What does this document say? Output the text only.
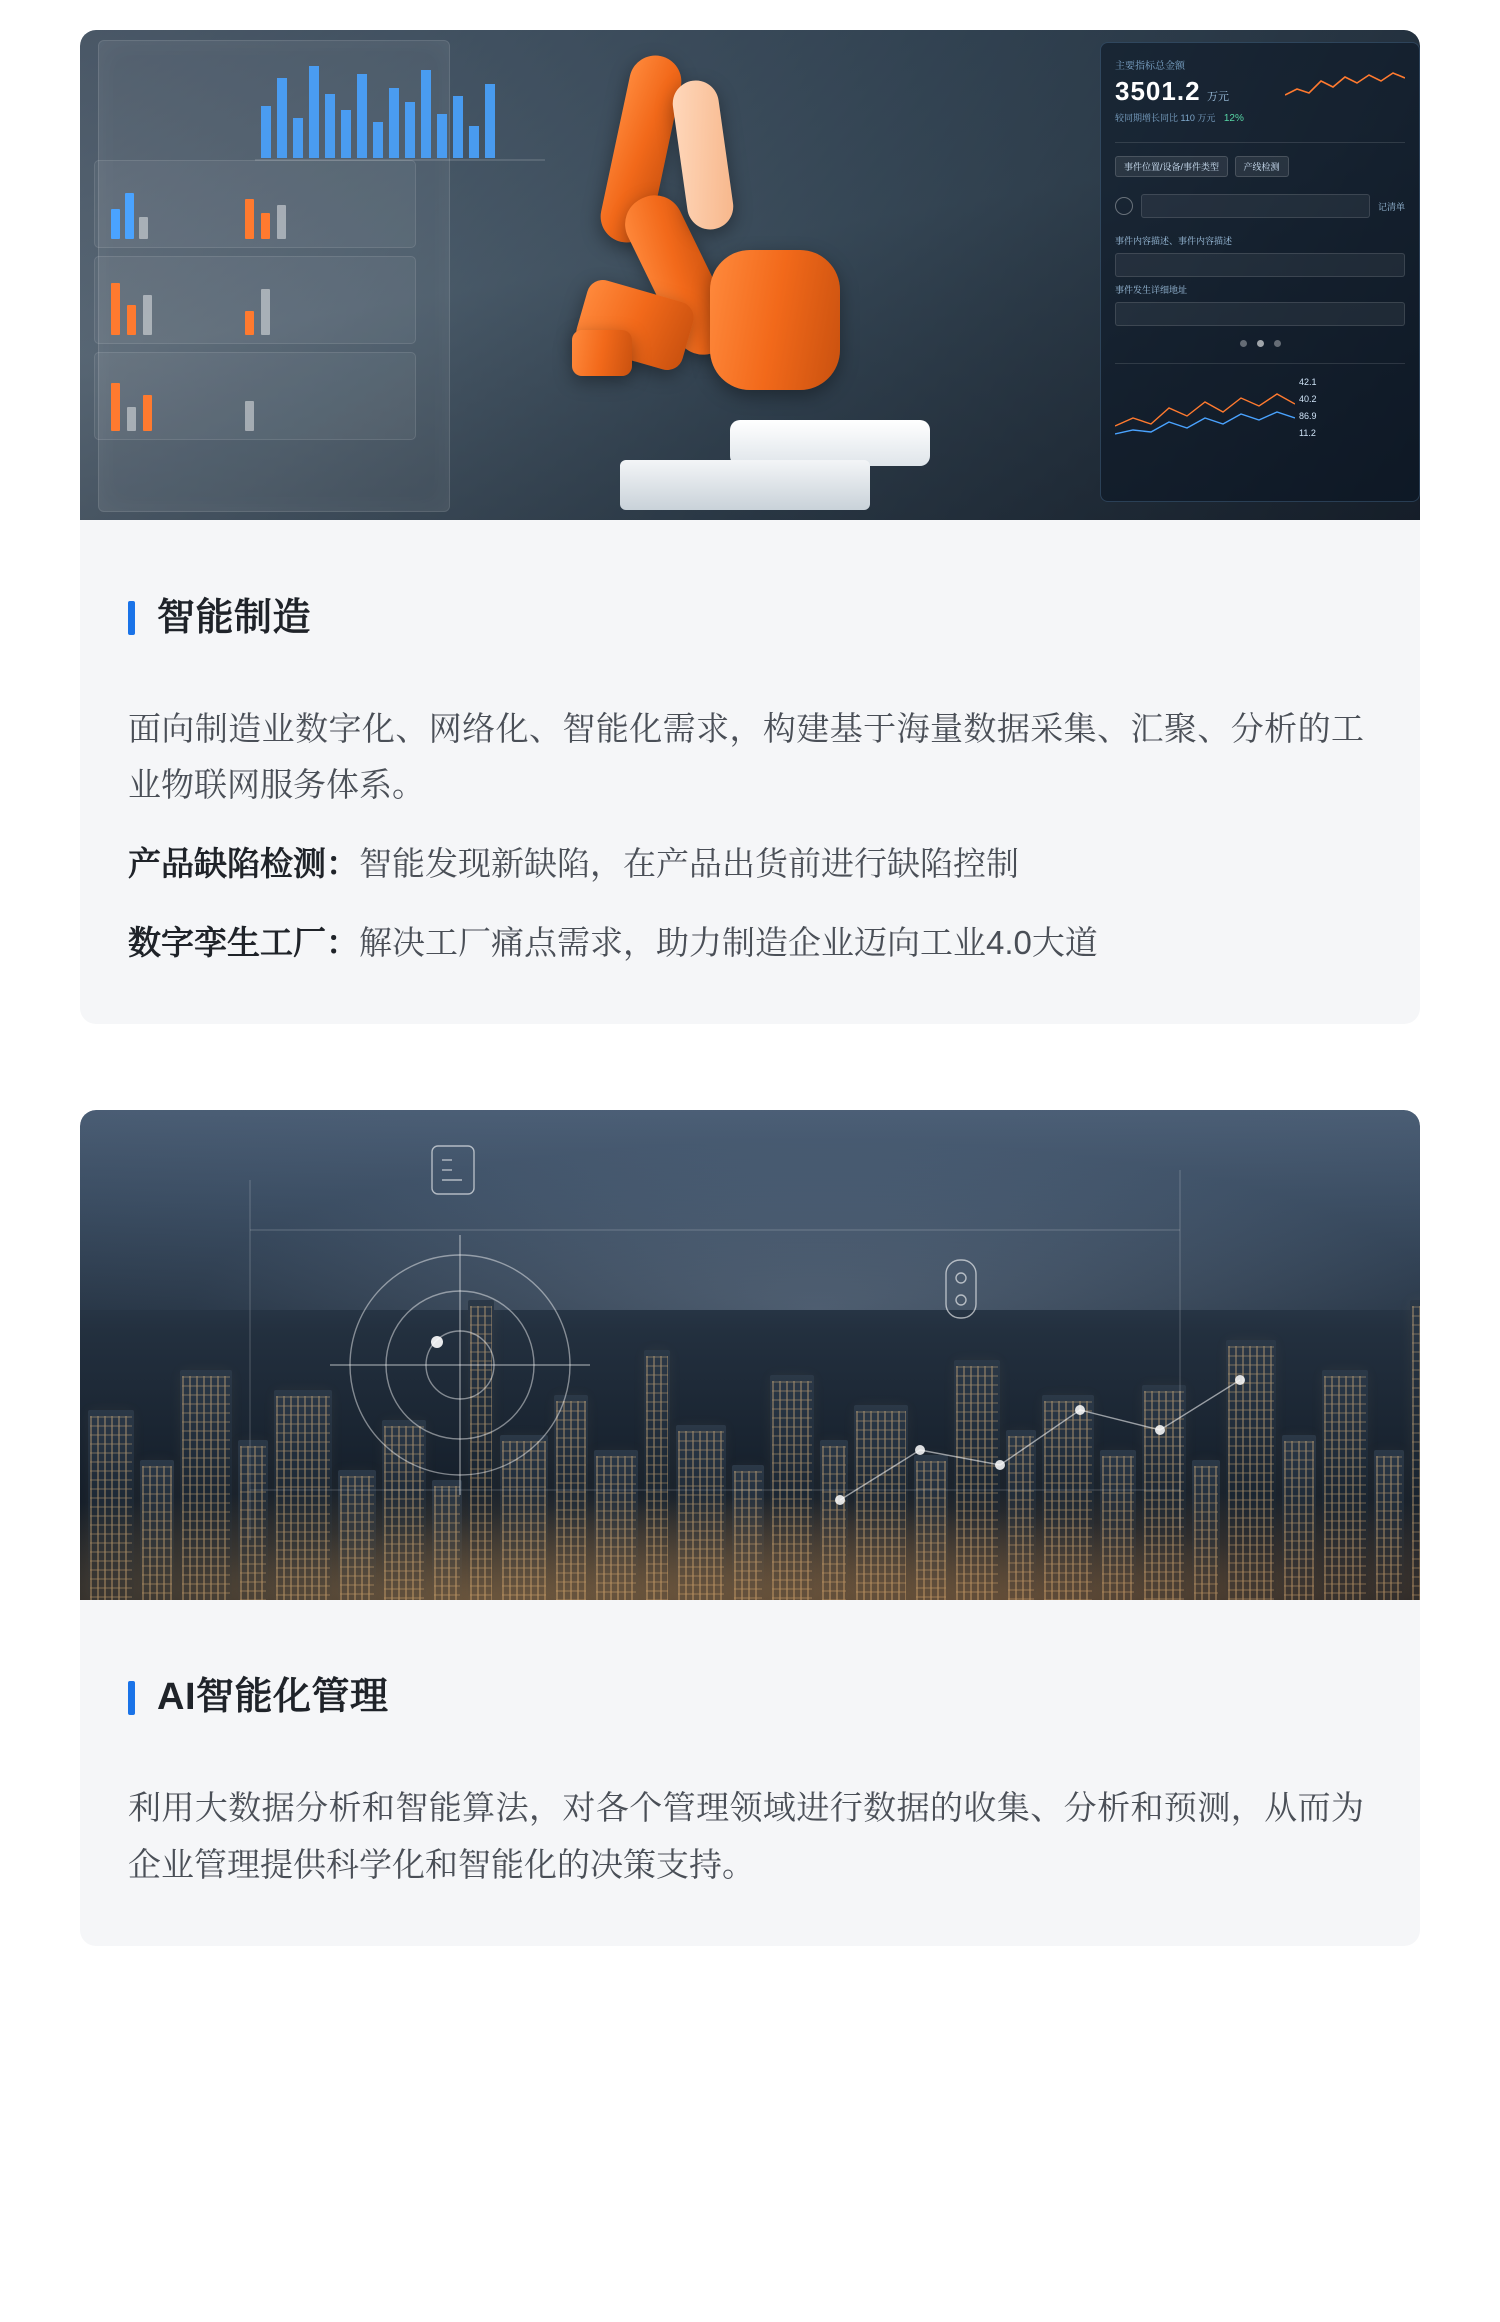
主要指标总金额
3501.2 万元
较同期增长同比 110 万元 12%
事件位置/设备/事件类型	产线检测
记清单
事件内容描述、事件内容描述
事件发生详细地址
42.1
40.2
86.9
11.2
智能制造

面向制造业数字化、网络化、智能化需求，构建基于海量数据采集、汇聚、分析的工业物联网服务体系。

产品缺陷检测：智能发现新缺陷，在产品出货前进行缺陷控制

数字孪生工厂：解决工厂痛点需求，助力制造企业迈向工业4.0大道

AI智能化管理

利用大数据分析和智能算法，对各个管理领域进行数据的收集、分析和预测，从而为企业管理提供科学化和智能化的决策支持。
